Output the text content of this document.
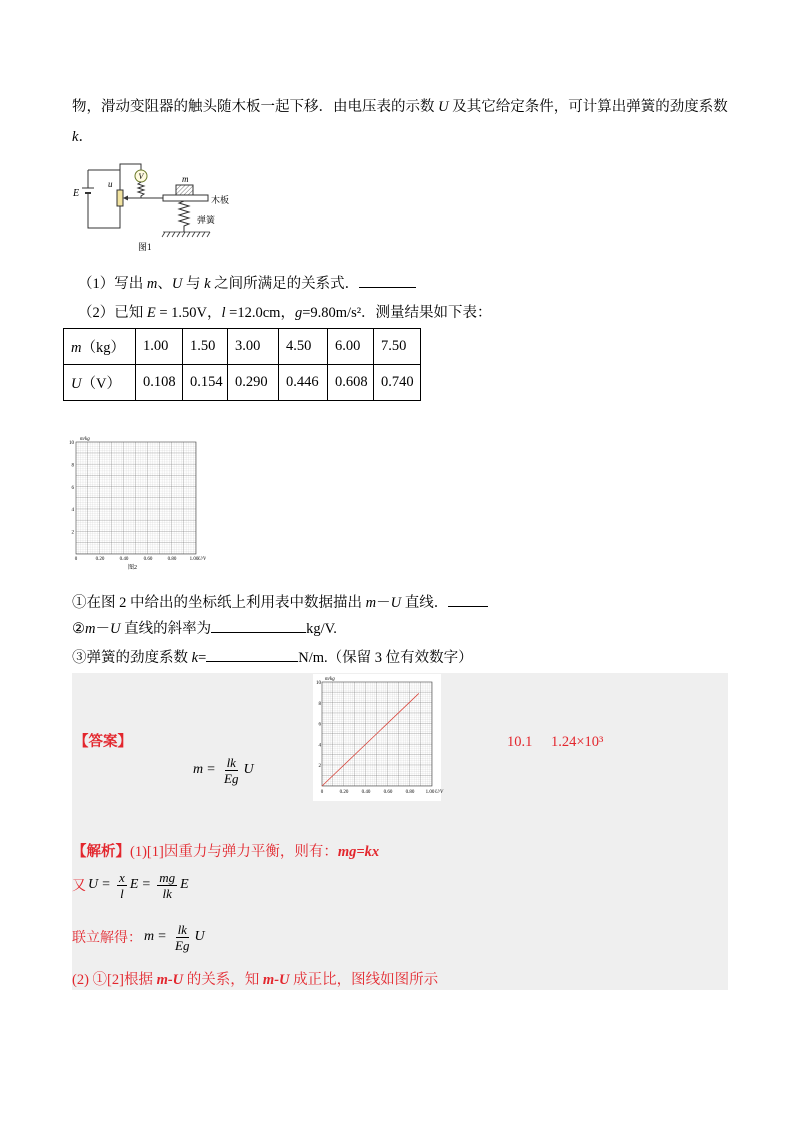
物，滑动变阻器的触头随木板一起下移．由电压表的示数 U 及其它给定条件，可计算出弹簧的劲度系数
k．
E
u
V	m
木板
弹簧
图1
（1）写出 m、U 与 k 之间所满足的关系式．
（2）已知 E = 1.50V，l =12.0cm，g=9.80m/s²．测量结果如下表：
m（kg）	1.00	1.50	3.00	4.50	6.00	7.50
U（V）	0.108	0.154	0.290	0.446	0.608	0.740
m/kg
10
8
6
4
2
0	0.20	0.40	0.60	0.80	1.00 U/V
图2
①在图 2 中给出的坐标纸上利用表中数据描出 m－U 直线．
②m－U 直线的斜率为	kg/V.
③弹簧的劲度系数 k=	N/m.（保留 3 位有效数字）
【答案】
$m = \frac{lk}{Eg}$ U
m/kg
10
8
6
4
2
0	0.20	0.40	0.60	0.80 1.00 U/V
10.1 1.24×10³
【解析】(1)[1]因重力与弹力平衡，则有：mg=kx
又 $U = \frac{x}{l}$ $E = \frac{mg}{lk}$ E
联立解得： $m = \frac{lk}{Eg}$ U
(2) ①[2]根据 m-U 的关系，知 m-U 成正比，图线如图所示
